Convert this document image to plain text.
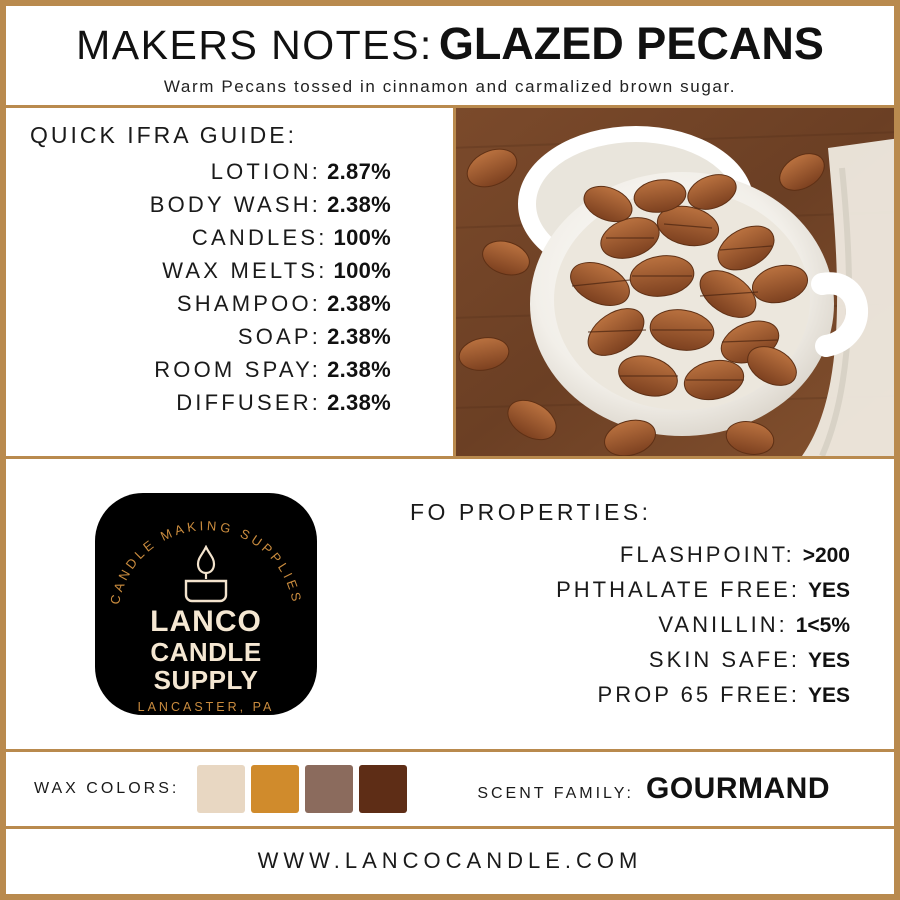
MAKERS NOTES: GLAZED PECANS
Warm Pecans tossed in cinnamon and carmalized brown sugar.
QUICK IFRA GUIDE:
LOTION: 2.87%
BODY WASH: 2.38%
CANDLES: 100%
WAX MELTS: 100%
SHAMPOO: 2.38%
SOAP: 2.38%
ROOM SPAY: 2.38%
DIFFUSER: 2.38%
CANDLE MAKING SUPPLIES
LANCO
CANDLE SUPPLY
LANCASTER, PA
FO PROPERTIES:
FLASHPOINT: >200
PHTHALATE FREE: YES
VANILLIN: 1<5%
SKIN SAFE: YES
PROP 65 FREE: YES
WAX COLORS:	SCENT FAMILY: GOURMAND
WWW.LANCOCANDLE.COM
